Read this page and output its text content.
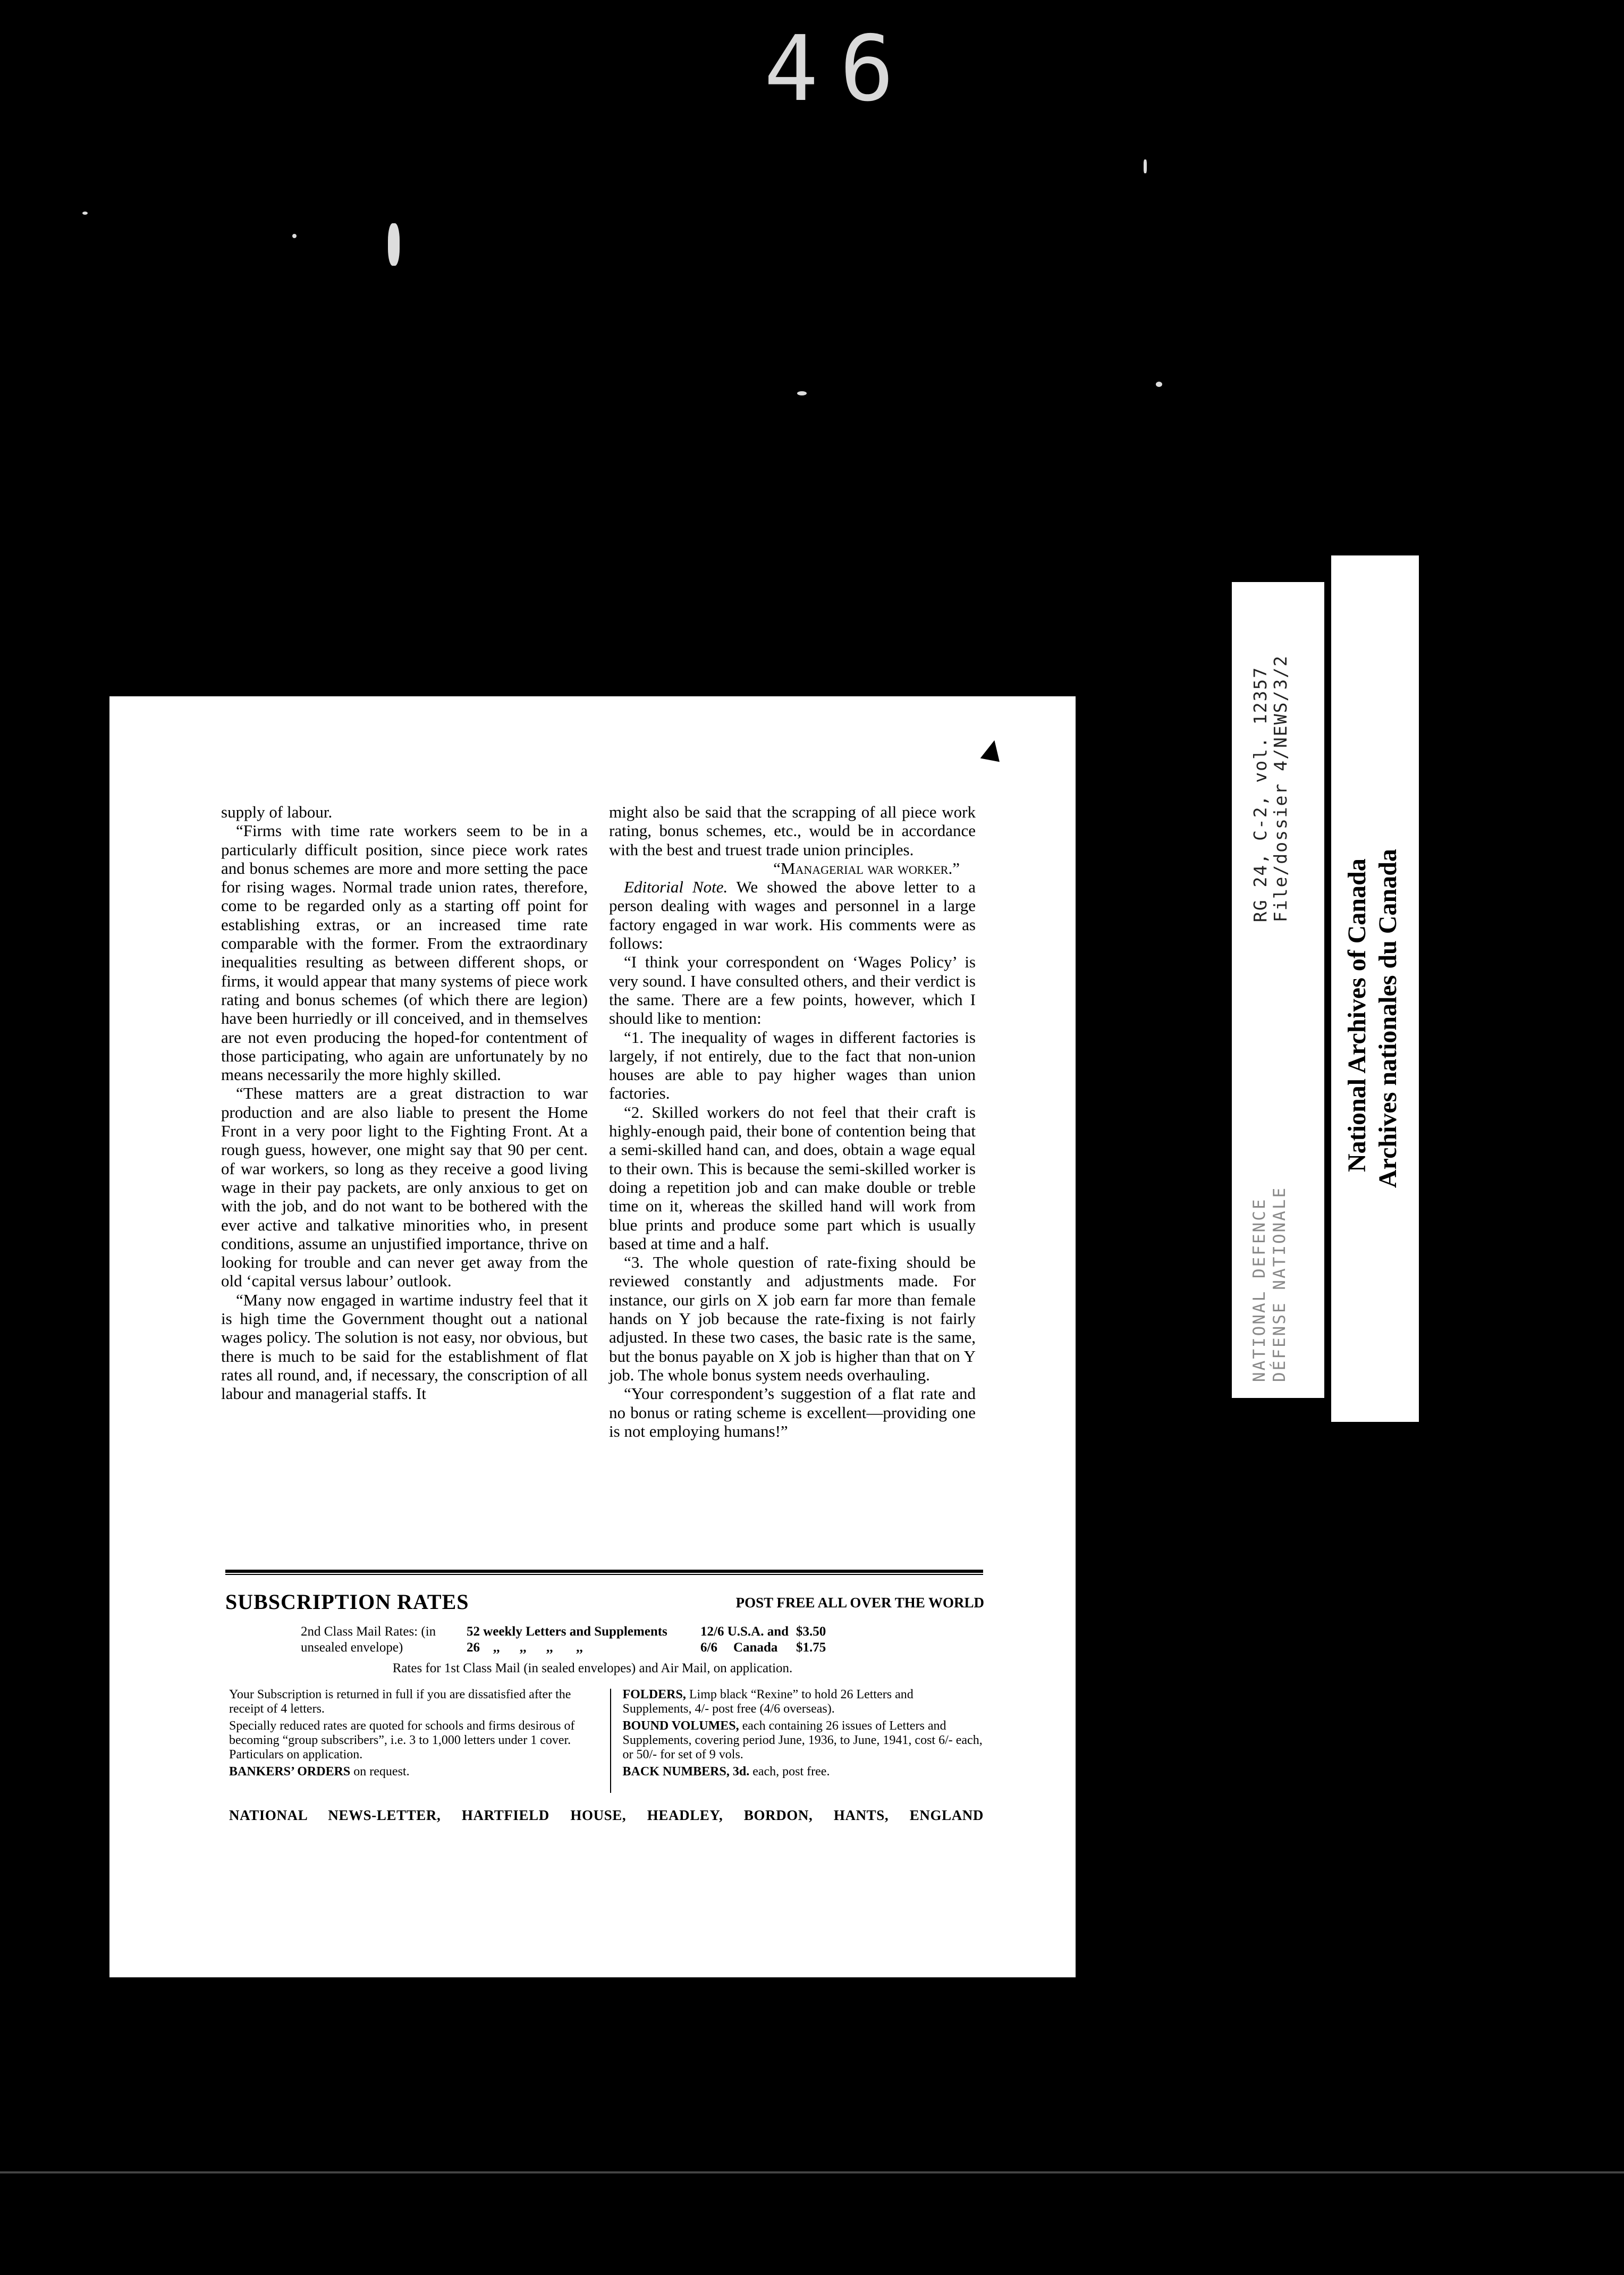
46

supply of labour.

“Firms with time rate workers seem to be in a particularly difficult position, since piece work rates and bonus schemes are more and more setting the pace for rising wages. Normal trade union rates, therefore, come to be regarded only as a starting off point for establishing extras, or an increased time rate comparable with the former. From the extraordinary inequalities resulting as between different shops, or firms, it would appear that many systems of piece work rating and bonus schemes (of which there are legion) have been hurriedly or ill conceived, and in themselves are not even producing the hoped-for contentment of those participating, who again are unfortunately by no means necessarily the more highly skilled.

“These matters are a great distraction to war production and are also liable to present the Home Front in a very poor light to the Fighting Front. At a rough guess, however, one might say that 90 per cent. of war workers, so long as they receive a good living wage in their pay packets, are only anxious to get on with the job, and do not want to be bothered with the ever active and talkative minorities who, in present conditions, assume an unjustified importance, thrive on looking for trouble and can never get away from the old ‘capital versus labour’ outlook.

“Many now engaged in wartime industry feel that it is high time the Government thought out a national wages policy. The solution is not easy, nor obvious, but there is much to be said for the establishment of flat rates all round, and, if necessary, the conscription of all labour and managerial staffs. It

might also be said that the scrapping of all piece work rating, bonus schemes, etc., would be in accordance with the best and truest trade union principles.

“Managerial war worker.”

Editorial Note. We showed the above letter to a person dealing with wages and personnel in a large factory engaged in war work. His comments were as follows:

“I think your correspondent on ‘Wages Policy’ is very sound. I have consulted others, and their verdict is the same. There are a few points, however, which I should like to mention:

“1. The inequality of wages in different factories is largely, if not entirely, due to the fact that non-union houses are able to pay higher wages than union factories.

“2. Skilled workers do not feel that their craft is highly-enough paid, their bone of contention being that a semi-skilled hand can, and does, obtain a wage equal to their own. This is because the semi-skilled worker is doing a repetition job and can make double or treble time on it, whereas the skilled hand will work from blue prints and produce some part which is usually based at time and a half.

“3. The whole question of rate-fixing should be reviewed constantly and adjustments made. For instance, our girls on X job earn far more than female hands on Y job because the rate-fixing is not fairly adjusted. In these two cases, the basic rate is the same, but the bonus payable on X job is higher than that on Y job. The whole bonus system needs overhauling.

“Your correspondent’s suggestion of a flat rate and no bonus or rating scheme is excellent—providing one is not employing humans!”

SUBSCRIPTION RATES	POST FREE ALL OVER THE WORLD
2nd Class Mail Rates: (in	52 weekly Letters and Supplements	12/6 U.S.A. and $3.50
unsealed envelope)	26    ,,      ,,      ,,       ,,	6/6	Canada	$1.75
Rates for 1st Class Mail (in sealed envelopes) and Air Mail, on application.

Your Subscription is returned in full if you are dissatisfied after the receipt of 4 letters.

Specially reduced rates are quoted for schools and firms desirous of becoming “group subscribers”, i.e. 3 to 1,000 letters under 1 cover. Particulars on application.

BANKERS’ ORDERS on request.

FOLDERS, Limp black “Rexine” to hold 26 Letters and Supplements, 4/- post free (4/6 overseas).

BOUND VOLUMES, each containing 26 issues of Letters and Supplements, covering period June, 1936, to June, 1941, cost 6/- each, or 50/- for set of 9 vols.

BACK NUMBERS, 3d. each, post free.

NATIONAL NEWS-LETTER, HARTFIELD HOUSE, HEADLEY, BORDON, HANTS, ENGLAND
RG 24, C-2, vol. 12357 File/dossier 4/NEWS/3/2
NATIONAL DEFENCE DÉFENSE NATIONALE
National Archives of Canada Archives nationales du Canada
